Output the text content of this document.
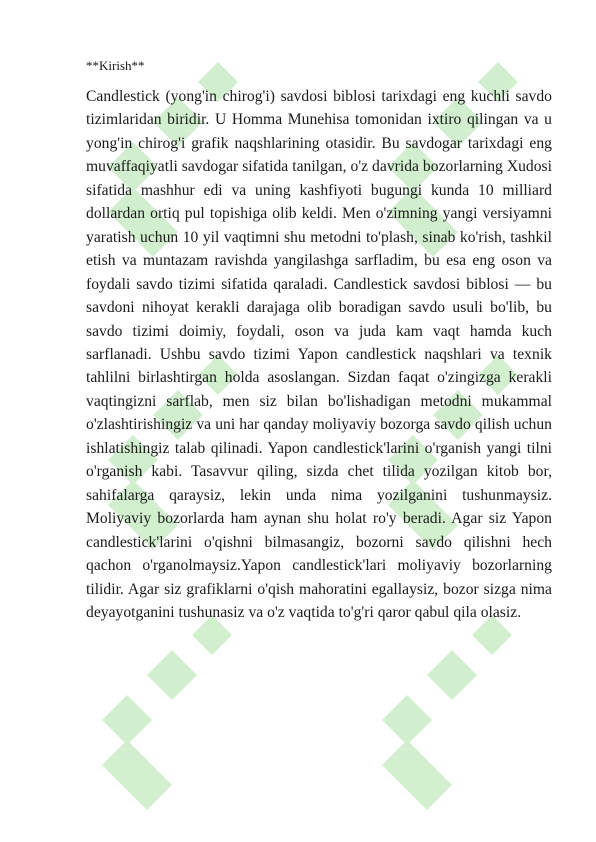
**Kirish**

Candlestick (yong'in chirog'i) savdosi biblosi tarixdagi eng kuchli savdo tizimlaridan biridir. U Homma Munehisa tomonidan ixtiro qilingan va u yong'in chirog'i grafik naqshlarining otasidir. Bu savdogar tarixdagi eng muvaffaqiyatli savdogar sifatida tanilgan, o'z davrida bozorlarning Xudosi sifatida mashhur edi va uning kashfiyoti bugungi kunda 10 milliard dollardan ortiq pul topishiga olib keldi. Men o'zimning yangi versiyamni yaratish uchun 10 yil vaqtimni shu metodni to'plash, sinab ko'rish, tashkil etish va muntazam ravishda yangilashga sarfladim, bu esa eng oson va foydali savdo tizimi sifatida qaraladi. Candlestick savdosi biblosi — bu savdoni nihoyat kerakli darajaga olib boradigan savdo usuli bo'lib, bu savdo tizimi doimiy, foydali, oson va juda kam vaqt hamda kuch sarflanadi. Ushbu savdo tizimi Yapon candlestick naqshlari va texnik tahlilni birlashtirgan holda asoslangan. Sizdan faqat o'zingizga kerakli vaqtingizni sarflab, men siz bilan bo'lishadigan metodni mukammal o'zlashtirishingiz va uni har qanday moliyaviy bozorga savdo qilish uchun ishlatishingiz talab qilinadi. Yapon candlestick'larini o'rganish yangi tilni o'rganish kabi. Tasavvur qiling, sizda chet tilida yozilgan kitob bor, sahifalarga qaraysiz, lekin unda nima yozilganini tushunmaysiz. Moliyaviy bozorlarda ham aynan shu holat ro'y beradi. Agar siz Yapon candlestick'larini o'qishni bilmasangiz, bozorni savdo qilishni hech qachon o'rganolmaysiz.Yapon candlestick'lari moliyaviy bozorlarning tilidir. Agar siz grafiklarni o'qish mahoratini egallaysiz, bozor sizga nima deyayotganini tushunasiz va o'z vaqtida to'g'ri qaror qabul qila olasiz.
